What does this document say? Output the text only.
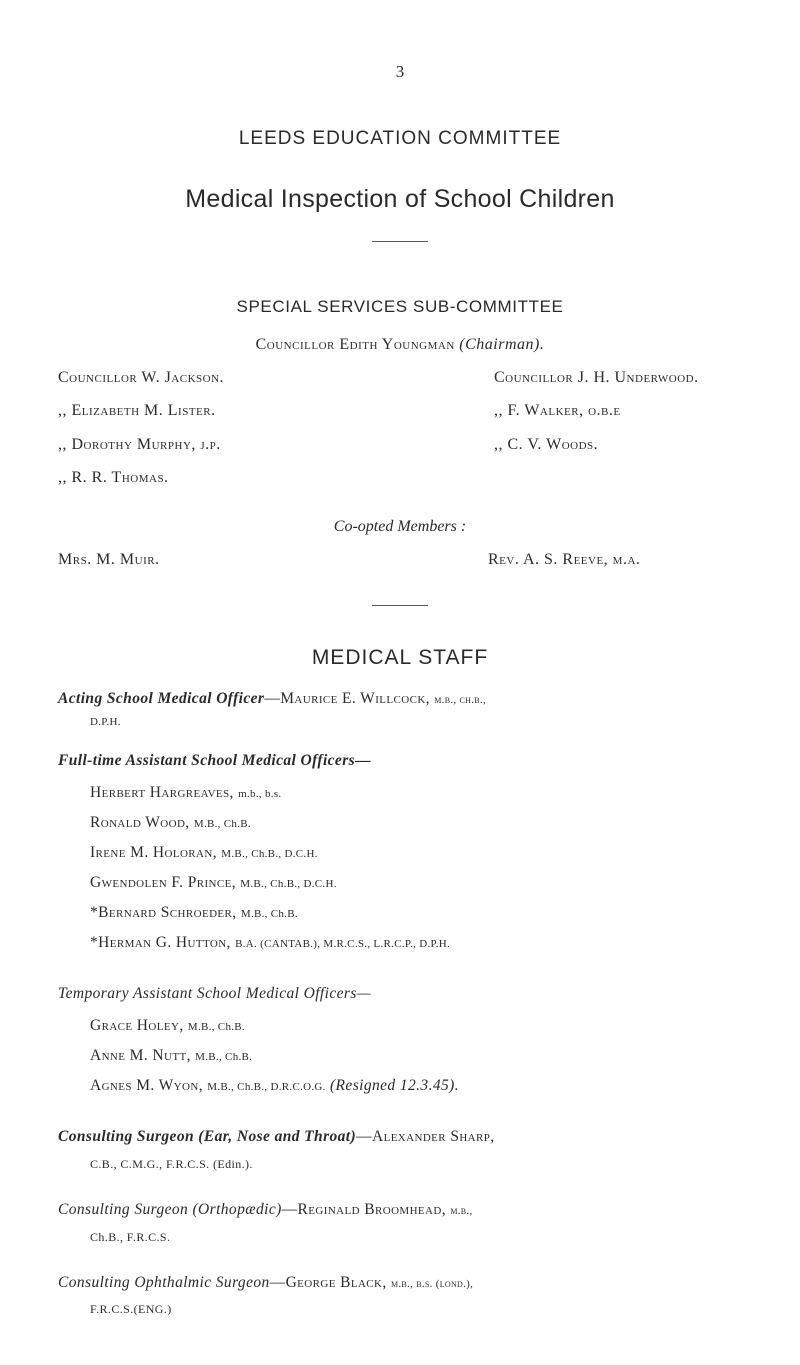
3
LEEDS EDUCATION COMMITTEE
Medical Inspection of School Children
SPECIAL SERVICES SUB-COMMITTEE
Councillor Edith Youngman (Chairman).
Councillor W. Jackson.
,, Elizabeth M. Lister.
,, Dorothy Murphy, j.p.
,, R. R. Thomas.
Councillor J. H. Underwood.
,, F. Walker, o.b.e
,, C. V. Woods.
Co-opted Members :
Mrs. M. Muir.	Rev. A. S. Reeve, m.a.
MEDICAL STAFF
Acting School Medical Officer—Maurice E. Willcock, m.b., ch.b.,
D.P.H.
Full-time Assistant School Medical Officers—
Herbert Hargreaves, m.b., b.s.
Ronald Wood, M.B., Ch.B.
Irene M. Holoran, M.B., Ch.B., D.C.H.
Gwendolen F. Prince, M.B., Ch.B., D.C.H.
*Bernard Schroeder, M.B., Ch.B.
*Herman G. Hutton, B.A. (CANTAB.), M.R.C.S., L.R.C.P., D.P.H.
Temporary Assistant School Medical Officers—
Grace Holey, M.B., Ch.B.
Anne M. Nutt, M.B., Ch.B.
Agnes M. Wyon, M.B., Ch.B., D.R.C.O.G. (Resigned 12.3.45).
Consulting Surgeon (Ear, Nose and Throat)—Alexander Sharp,
C.B., C.M.G., F.R.C.S. (Edin.).
Consulting Surgeon (Orthopædic)—Reginald Broomhead, m.b.,
Ch.B., F.R.C.S.
Consulting Ophthalmic Surgeon—George Black, m.b., b.s. (lond.),
F.R.C.S.(ENG.)
